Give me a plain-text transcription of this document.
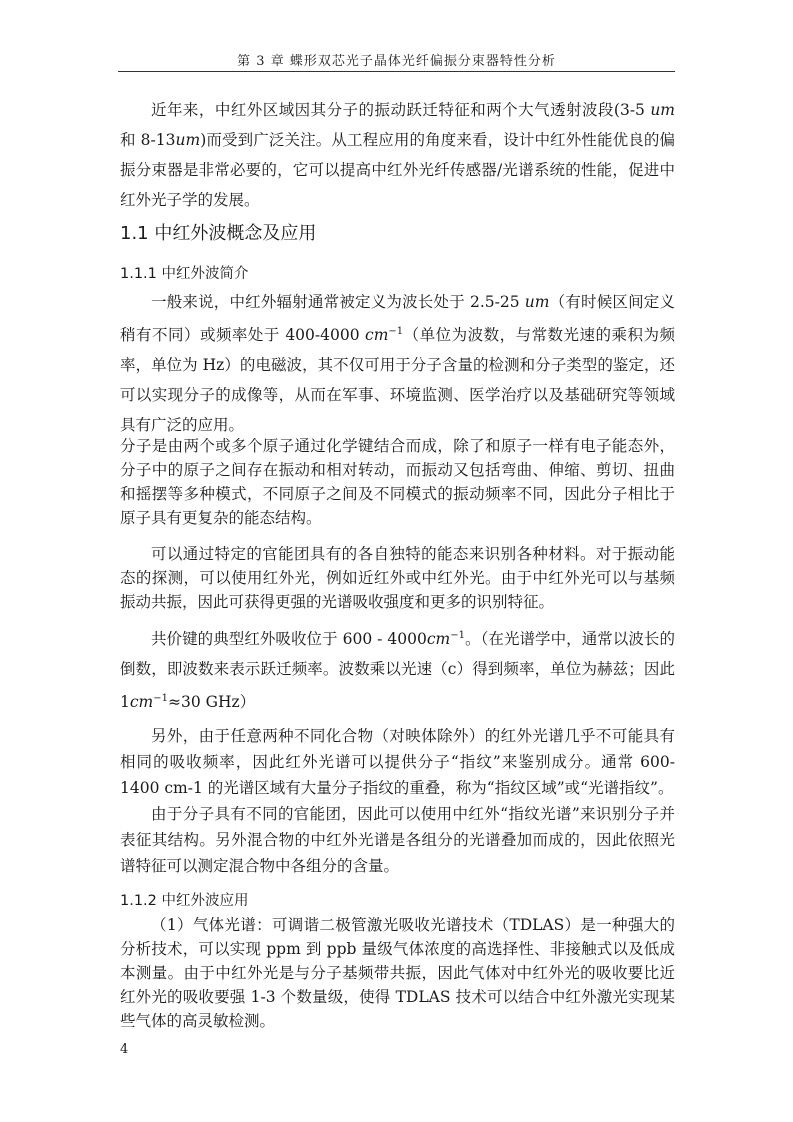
第 3 章 蝶形双芯光子晶体光纤偏振分束器特性分析

近年来，中红外区域因其分子的振动跃迁特征和两个大气透射波段(3-5 um和 8-13um)而受到广泛关注。从工程应用的角度来看，设计中红外性能优良的偏振分束器是非常必要的，它可以提高中红外光纤传感器/光谱系统的性能，促进中红外光子学的发展。

1.1 中红外波概念及应用
1.1.1 中红外波简介

一般来说，中红外辐射通常被定义为波长处于 2.5-25 um（有时候区间定义稍有不同）或频率处于 400-4000 $cm^{-1}$（单位为波数，与常数光速的乘积为频率，单位为 Hz）的电磁波，其不仅可用于分子含量的检测和分子类型的鉴定，还可以实现分子的成像等，从而在军事、环境监测、医学治疗以及基础研究等领域具有广泛的应用。

分子是由两个或多个原子通过化学键结合而成，除了和原子一样有电子能态外，分子中的原子之间存在振动和相对转动，而振动又包括弯曲、伸缩、剪切、扭曲和摇摆等多种模式，不同原子之间及不同模式的振动频率不同，因此分子相比于原子具有更复杂的能态结构。

可以通过特定的官能团具有的各自独特的能态来识别各种材料。对于振动能态的探测，可以使用红外光，例如近红外或中红外光。由于中红外光可以与基频振动共振，因此可获得更强的光谱吸收强度和更多的识别特征。

共价键的典型红外吸收位于 $600 - 4000cm^{-1}$。（在光谱学中，通常以波长的倒数，即波数来表示跃迁频率。波数乘以光速（c）得到频率，单位为赫兹；因此 $1cm^{-1}\approx 30$ GHz）

另外，由于任意两种不同化合物（对映体除外）的红外光谱几乎不可能具有相同的吸收频率，因此红外光谱可以提供分子“指纹”来鉴别成分。通常 600-1400 cm-1 的光谱区域有大量分子指纹的重叠，称为“指纹区域”或“光谱指纹”。

由于分子具有不同的官能团，因此可以使用中红外“指纹光谱”来识别分子并表征其结构。另外混合物的中红外光谱是各组分的光谱叠加而成的，因此依照光谱特征可以测定混合物中各组分的含量。

1.1.2 中红外波应用

（1）气体光谱：可调谐二极管激光吸收光谱技术（TDLAS）是一种强大的分析技术，可以实现 ppm 到 ppb 量级气体浓度的高选择性、非接触式以及低成本测量。由于中红外光是与分子基频带共振，因此气体对中红外光的吸收要比近红外光的吸收要强 1-3 个数量级，使得 TDLAS 技术可以结合中红外激光实现某些气体的高灵敏检测。

4
